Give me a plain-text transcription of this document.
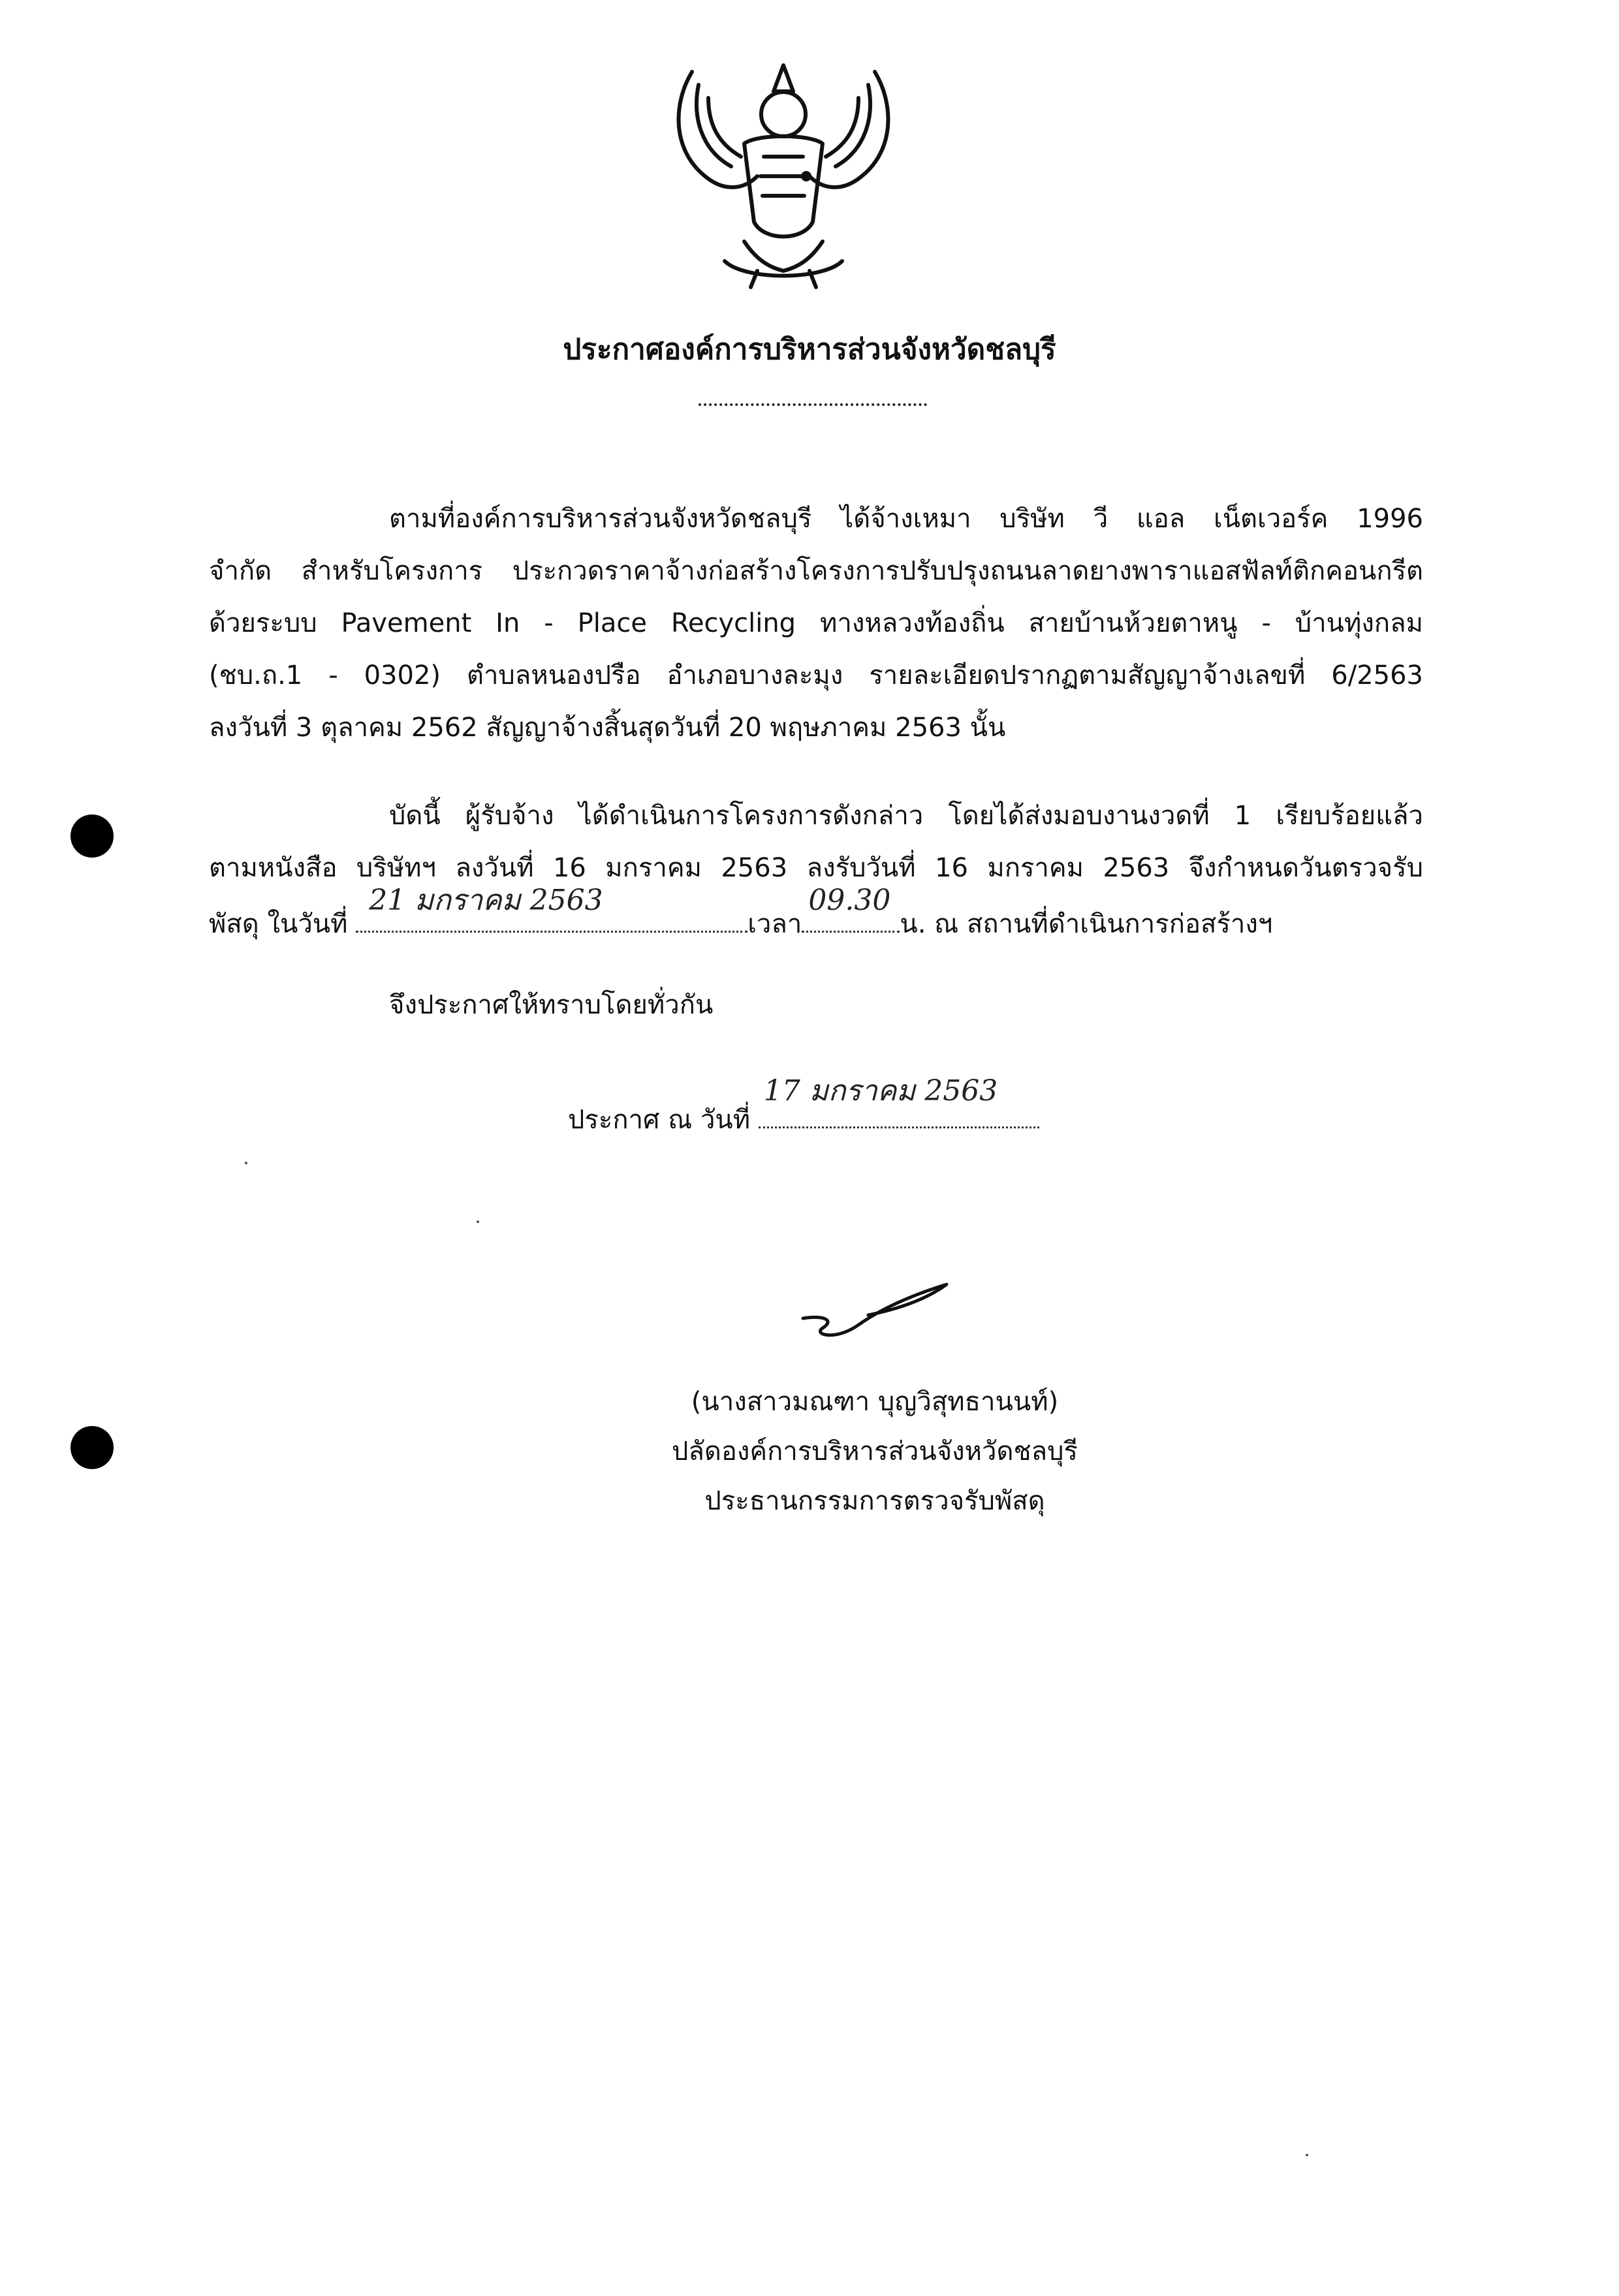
ประกาศองค์การบริหารส่วนจังหวัดชลบุรี
ตามที่องค์การบริหารส่วนจังหวัดชลบุรี ได้จ้างเหมา บริษัท วี แอล เน็ตเวอร์ค 1996
จำกัด สำหรับโครงการ ประกวดราคาจ้างก่อสร้างโครงการปรับปรุงถนนลาดยางพาราแอสฟัลท์ติกคอนกรีต
ด้วยระบบ Pavement In - Place Recycling ทางหลวงท้องถิ่น สายบ้านห้วยตาหนู - บ้านทุ่งกลม
(ชบ.ถ.1 - 0302) ตำบลหนองปรือ อำเภอบางละมุง รายละเอียดปรากฏตามสัญญาจ้างเลขที่ 6/2563
ลงวันที่ 3 ตุลาคม 2562 สัญญาจ้างสิ้นสุดวันที่ 20 พฤษภาคม 2563 นั้น
บัดนี้ ผู้รับจ้าง ได้ดำเนินการโครงการดังกล่าว โดยได้ส่งมอบงานงวดที่ 1 เรียบร้อยแล้ว
ตามหนังสือ บริษัทฯ ลงวันที่ 16 มกราคม 2563 ลงรับวันที่ 16 มกราคม 2563 จึงกำหนดวันตรวจรับ
พัสดุ ในวันที่
21 มกราคม 2563
เวลา
09.30
น. ณ สถานที่ดำเนินการก่อสร้างฯ
จึงประกาศให้ทราบโดยทั่วกัน
ประกาศ ณ วันที่
17 มกราคม 2563
(นางสาวมณฑา บุญวิสุทธานนท์)
ปลัดองค์การบริหารส่วนจังหวัดชลบุรี
ประธานกรรมการตรวจรับพัสดุ
